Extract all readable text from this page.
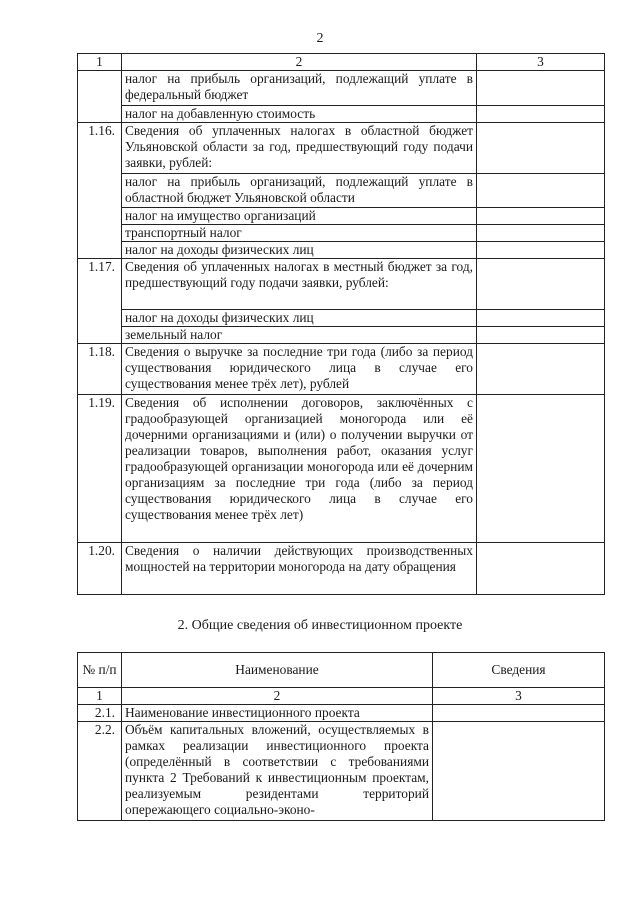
2
1	2	3
	налог на прибыль организаций, подлежащий уплате в федеральный бюджет	
	налог на добавленную стоимость	
1.16.	Сведения об уплаченных налогах в областной бюджет Ульяновской области за год, предшествующий году подачи заявки, рублей:	
	налог на прибыль организаций, подлежащий уплате в областной бюджет Ульяновской области	
	налог на имущество организаций	
	транспортный налог	
	налог на доходы физических лиц	
1.17.	Сведения об уплаченных налогах в местный бюджет за год, предшествующий году подачи заявки, рублей:	
	налог на доходы физических лиц	
	земельный налог	
1.18.	Сведения о выручке за последние три года (либо за период существования юридического лица в случае его существования менее трёх лет), рублей	
1.19.	Сведения об исполнении договоров, заключённых с градообразующей организацией моногорода или её дочерними организациями и (или) о получении выручки от реализации товаров, выполнения работ, оказания услуг градообразующей организации моногорода или её дочерним организациям за последние три года (либо за период существования юридического лица в случае его существования менее трёх лет)	
1.20.	Сведения о наличии действующих производственных мощностей на территории моногорода на дату обращения	
2. Общие сведения об инвестиционном проекте
№ п/п	Наименование	Сведения
1	2	3
2.1.	Наименование инвестиционного проекта	
2.2.	Объём капитальных вложений, осуществляемых в рамках реализации инвестиционного проекта (определённый в соответствии с требованиями пункта 2 Требований к инвестиционным проектам, реализуемым резидентами территорий опережающего социально-эконо-	
